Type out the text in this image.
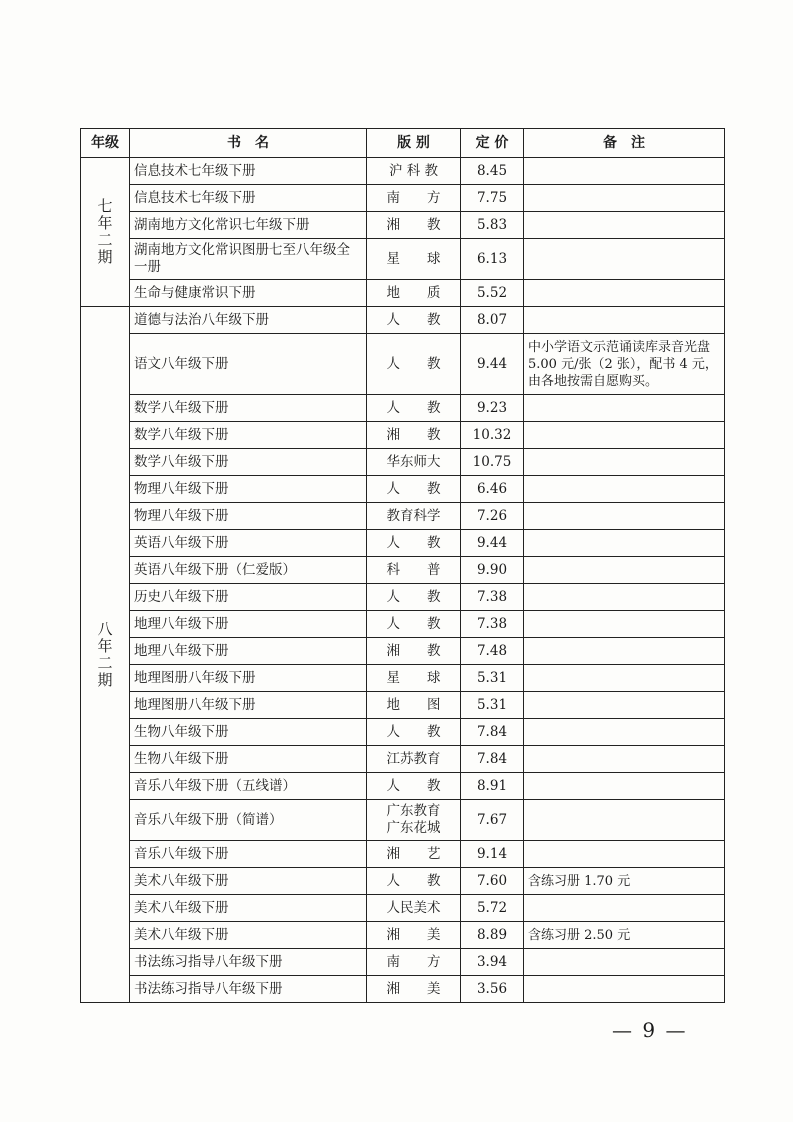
年级	书　名	版 别	定 价	备　注

七
年
二
期	信息技术七年级下册	沪 科 教	8.45	
	信息技术七年级下册	南　　方	7.75	
	湖南地方文化常识七年级下册	湘　　教	5.83	
	湖南地方文化常识图册七至八年级全一册	星　　球	6.13	
	生命与健康常识下册	地　　质	5.52	

八
年
二
期	道德与法治八年级下册	人　　教	8.07	
	语文八年级下册	人　　教	9.44	中小学语文示范诵读库录音光盘 5.00 元/张（2 张），配书 4 元，由各地按需自愿购买。
	数学八年级下册	人　　教	9.23	
	数学八年级下册	湘　　教	10.32	
	数学八年级下册	华东师大	10.75	
	物理八年级下册	人　　教	6.46	
	物理八年级下册	教育科学	7.26	
	英语八年级下册	人　　教	9.44	
	英语八年级下册（仁爱版）	科　　普	9.90	
	历史八年级下册	人　　教	7.38	
	地理八年级下册	人　　教	7.38	
	地理八年级下册	湘　　教	7.48	
	地理图册八年级下册	星　　球	5.31	
	地理图册八年级下册	地　　图	5.31	
	生物八年级下册	人　　教	7.84	
	生物八年级下册	江苏教育	7.84	
	音乐八年级下册（五线谱）	人　　教	8.91	
	音乐八年级下册（简谱）	广东教育
广东花城	7.67	
	音乐八年级下册	湘　　艺	9.14	
	美术八年级下册	人　　教	7.60	含练习册 1.70 元
	美术八年级下册	人民美术	5.72	
	美术八年级下册	湘　　美	8.89	含练习册 2.50 元
	书法练习指导八年级下册	南　　方	3.94	
	书法练习指导八年级下册	湘　　美	3.56	
— 9 —
